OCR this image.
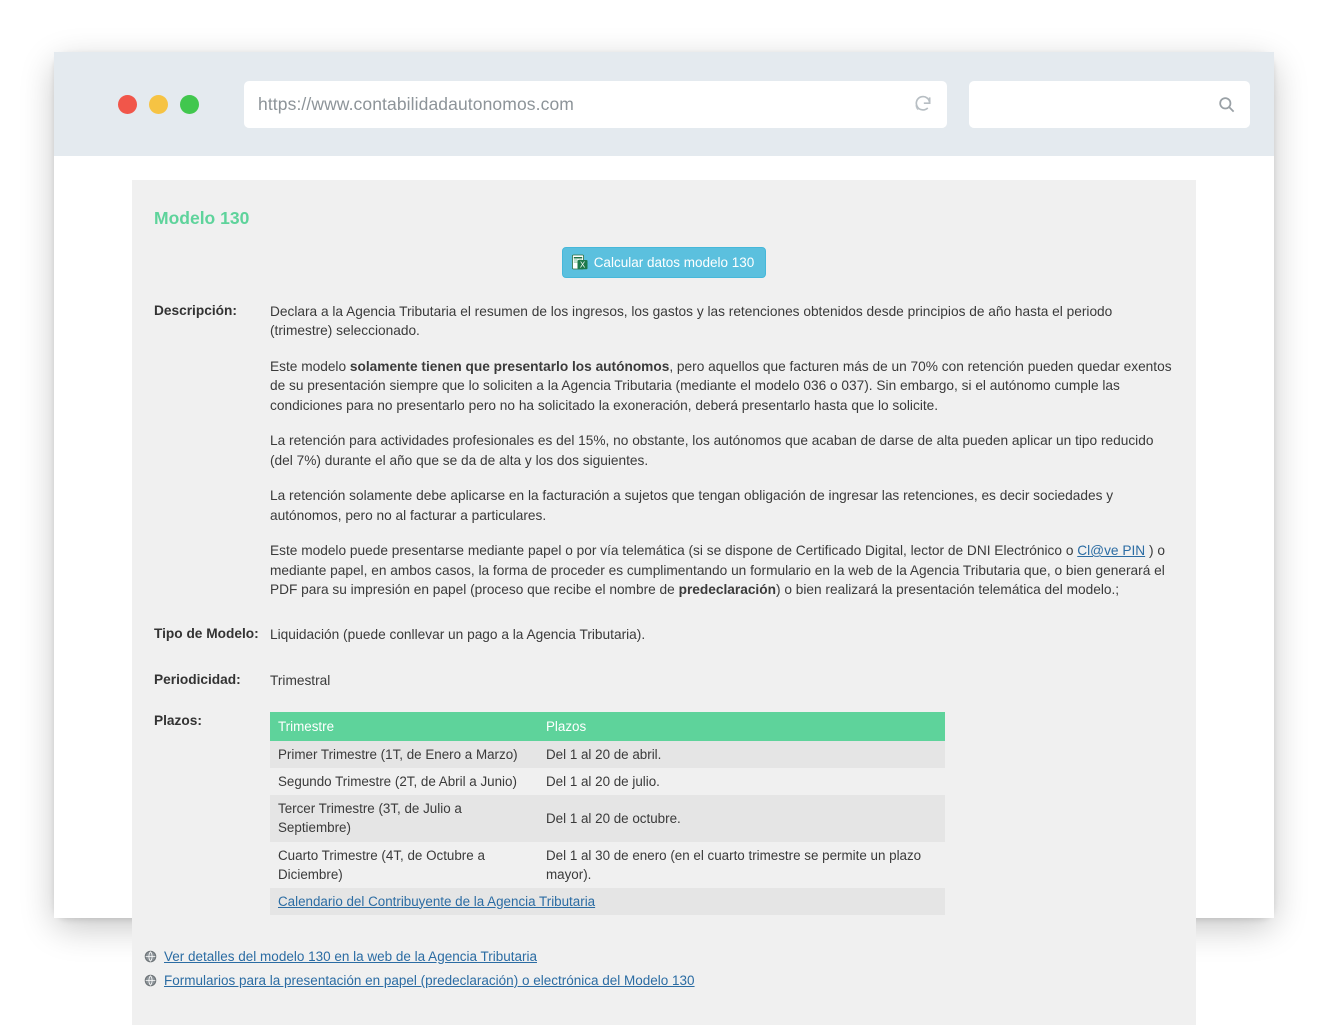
https://www.contabilidadautonomos.com
Modelo 130
X Calcular datos modelo 130
Descripción:	Declara a la Agencia Tributaria el resumen de los ingresos, los gastos y las retenciones obtenidos desde principios de año hasta el periodo (trimestre) seleccionado.

Este modelo solamente tienen que presentarlo los autónomos, pero aquellos que facturen más de un 70% con retención pueden quedar exentos de su presentación siempre que lo soliciten a la Agencia Tributaria (mediante el modelo 036 o 037). Sin embargo, si el autónomo cumple las condiciones para no presentarlo pero no ha solicitado la exoneración, deberá presentarlo hasta que lo solicite.

La retención para actividades profesionales es del 15%, no obstante, los autónomos que acaban de darse de alta pueden aplicar un tipo reducido (del 7%) durante el año que se da de alta y los dos siguientes.

La retención solamente debe aplicarse en la facturación a sujetos que tengan obligación de ingresar las retenciones, es decir sociedades y autónomos, pero no al facturar a particulares.

Este modelo puede presentarse mediante papel o por vía telemática (si se dispone de Certificado Digital, lector de DNI Electrónico o Cl@ve PIN ) o mediante papel, en ambos casos, la forma de proceder es cumplimentando un formulario en la web de la Agencia Tributaria que, o bien generará el PDF para su impresión en papel (proceso que recibe el nombre de predeclaración) o bien realizará la presentación telemática del modelo.;

Tipo de Modelo: Liquidación (puede conllevar un pago a la Agencia Tributaria).
Periodicidad:	Trimestral
Plazos:	Trimestre	Plazos
Primer Trimestre (1T, de Enero a Marzo)	Del 1 al 20 de abril.
Segundo Trimestre (2T, de Abril a Junio)	Del 1 al 20 de julio.
Tercer Trimestre (3T, de Julio a Septiembre)	Del 1 al 20 de octubre.
Cuarto Trimestre (4T, de Octubre a Diciembre)	Del 1 al 30 de enero (en el cuarto trimestre se permite un plazo mayor).
Calendario del Contribuyente de la Agencia Tributaria	
Ver detalles del modelo 130 en la web de la Agencia Tributaria
Formularios para la presentación en papel (predeclaración) o electrónica del Modelo 130
